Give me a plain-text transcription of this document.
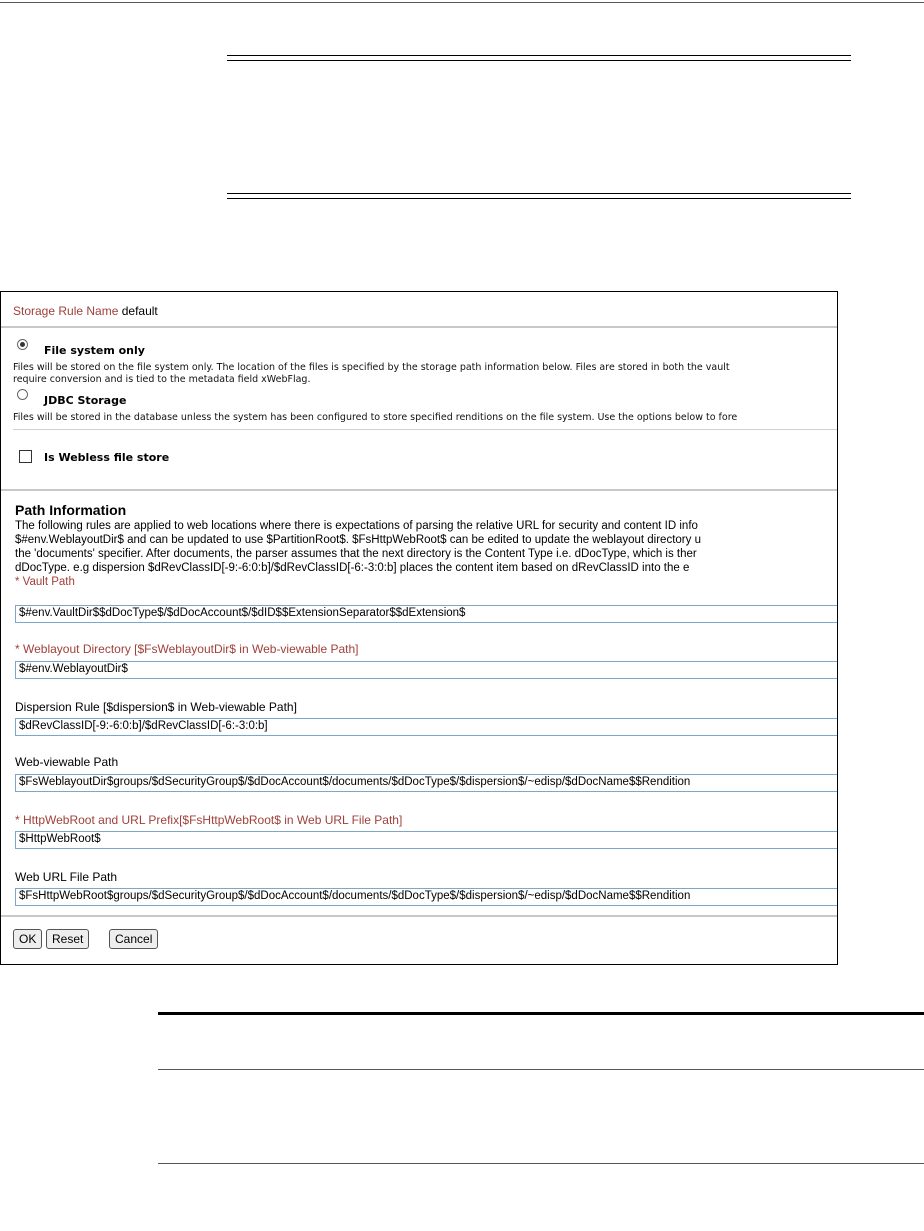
Storage Rule Name default
File system only
Files will be stored on the file system only. The location of the files is specified by the storage path information below. Files are stored in both the vault
require conversion and is tied to the metadata field xWebFlag.
JDBC Storage
Files will be stored in the database unless the system has been configured to store specified renditions on the file system. Use the options below to fore
Is Webless file store
Path Information
The following rules are applied to web locations where there is expectations of parsing the relative URL for security and content ID info
$#env.WeblayoutDir$ and can be updated to use $PartitionRoot$. $FsHttpWebRoot$ can be edited to update the weblayout directory u
the 'documents' specifier. After documents, the parser assumes that the next directory is the Content Type i.e. dDocType, which is ther
dDocType. e.g dispersion $dRevClassID[-9:-6:0:b]/$dRevClassID[-6:-3:0:b] places the content item based on dRevClassID into the e
* Vault Path
$#env.VaultDir$$dDocType$/$dDocAccount$/$dID$$ExtensionSeparator$$dExtension$
* Weblayout Directory [$FsWeblayoutDir$ in Web-viewable Path]
$#env.WeblayoutDir$
Dispersion Rule [$dispersion$ in Web-viewable Path]
$dRevClassID[-9:-6:0:b]/$dRevClassID[-6:-3:0:b]
Web-viewable Path
$FsWeblayoutDir$groups/$dSecurityGroup$/$dDocAccount$/documents/$dDocType$/$dispersion$/~edisp/$dDocName$$Rendition
* HttpWebRoot and URL Prefix[$FsHttpWebRoot$ in Web URL File Path]
$HttpWebRoot$
Web URL File Path
$FsHttpWebRoot$groups/$dSecurityGroup$/$dDocAccount$/documents/$dDocType$/$dispersion$/~edisp/$dDocName$$Rendition
OK	Reset	Cancel
